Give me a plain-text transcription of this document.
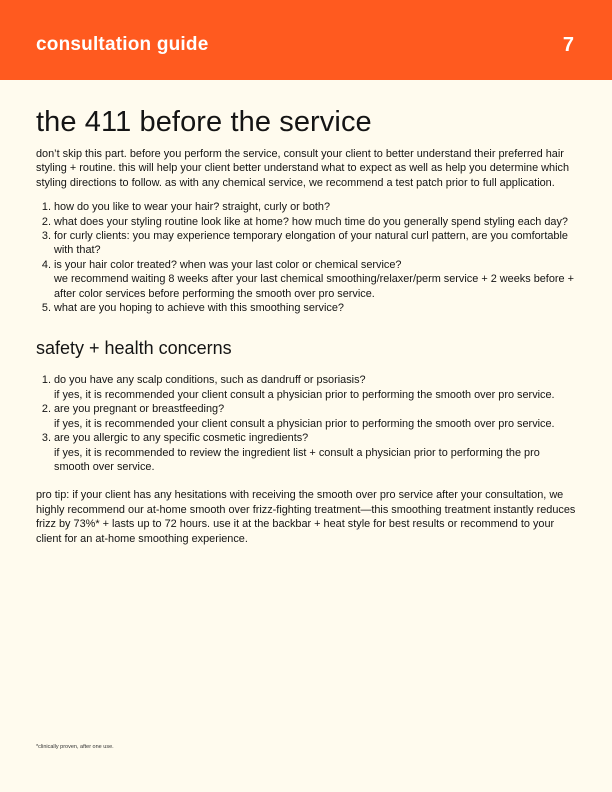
consultation guide	7
the 411 before the service

don’t skip this part. before you perform the service, consult your client to better understand their preferred hair styling + routine. this will help your client better understand what to expect as well as help you determine which styling directions to follow. as with any chemical service, we recommend a test patch prior to full application.

1. how do you like to wear your hair? straight, curly or both?
2. what does your styling routine look like at home? how much time do you generally spend styling each day?
3. for curly clients: you may experience temporary elongation of your natural curl pattern, are you comfortable with that?
4. is your hair color treated? when was your last color or chemical service?
we recommend waiting 8 weeks after your last chemical smoothing/relaxer/perm service + 2 weeks before + after color services before performing the smooth over pro service.
5. what are you hoping to achieve with this smoothing service?
safety + health concerns
1. do you have any scalp conditions, such as dandruff or psoriasis?
if yes, it is recommended your client consult a physician prior to performing the smooth over pro service.
2. are you pregnant or breastfeeding?
if yes, it is recommended your client consult a physician prior to performing the smooth over pro service.
3. are you allergic to any specific cosmetic ingredients?
if yes, it is recommended to review the ingredient list + consult a physician prior to performing the pro smooth over service.

pro tip: if your client has any hesitations with receiving the smooth over pro service after your consultation, we highly recommend our at-home smooth over frizz-fighting treatment—this smoothing treatment instantly reduces frizz by 73%* + lasts up to 72 hours. use it at the backbar + heat style for best results or recommend to your client for an at-home smoothing experience.

*clinically proven, after one use.
